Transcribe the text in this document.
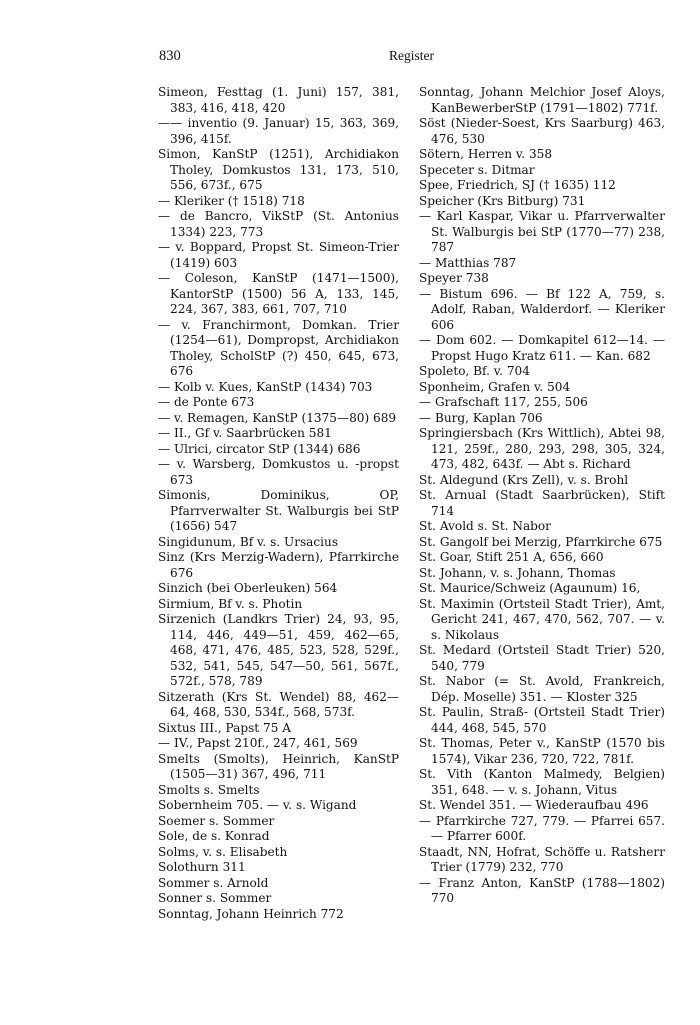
830	Register

Simeon, Festtag (1. Juni) 157, 381, 383, 416, 418, 420

—— inventio (9. Januar) 15, 363, 369, 396, 415f.

Simon, KanStP (1251), Archidiakon Tholey, Domkustos 131, 173, 510, 556, 673f., 675

— Kleriker († 1518) 718

— de Bancro, VikStP (St. Antonius 1334) 223, 773

— v. Boppard, Propst St. Simeon-Trier (1419) 603

— Coleson, KanStP (1471—1500), KantorStP (1500) 56 A, 133, 145, 224, 367, 383, 661, 707, 710

— v. Franchirmont, Domkan. Trier (1254—61), Dompropst, Archidiakon Tholey, ScholStP (?) 450, 645, 673, 676

— Kolb v. Kues, KanStP (1434) 703

— de Ponte 673

— v. Remagen, KanStP (1375—80) 689

— II., Gf v. Saarbrücken 581

— Ulrici, circator StP (1344) 686

— v. Warsberg, Domkustos u. -propst 673

Simonis, Dominikus, OP, Pfarrverwalter St. Walburgis bei StP (1656) 547

Singidunum, Bf v. s. Ursacius

Sinz (Krs Merzig-Wadern), Pfarrkirche 676

Sinzich (bei Oberleuken) 564

Sirmium, Bf v. s. Photin

Sirzenich (Landkrs Trier) 24, 93, 95, 114, 446, 449—51, 459, 462—65, 468, 471, 476, 485, 523, 528, 529f., 532, 541, 545, 547—50, 561, 567f., 572f., 578, 789

Sitzerath (Krs St. Wendel) 88, 462—64, 468, 530, 534f., 568, 573f.

Sixtus III., Papst 75 A

— IV., Papst 210f., 247, 461, 569

Smelts (Smolts), Heinrich, KanStP (1505—31) 367, 496, 711

Smolts s. Smelts

Sobernheim 705. — v. s. Wigand

Soemer s. Sommer

Sole, de s. Konrad

Solms, v. s. Elisabeth

Solothurn 311

Sommer s. Arnold

Sonner s. Sommer

Sonntag, Johann Heinrich 772

Sonntag, Johann Melchior Josef Aloys, KanBewerberStP (1791—1802) 771f.

Söst (Nieder-Soest, Krs Saarburg) 463, 476, 530

Sötern, Herren v. 358

Speceter s. Ditmar

Spee, Friedrich, SJ († 1635) 112

Speicher (Krs Bitburg) 731

— Karl Kaspar, Vikar u. Pfarrverwalter St. Walburgis bei StP (1770—77) 238, 787

— Matthias 787

Speyer 738

— Bistum 696. — Bf 122 A, 759, s. Adolf, Raban, Walderdorf. — Kleriker 606

— Dom 602. — Domkapitel 612—14. — Propst Hugo Kratz 611. — Kan. 682

Spoleto, Bf. v. 704

Sponheim, Grafen v. 504

— Grafschaft 117, 255, 506

— Burg, Kaplan 706

Springiersbach (Krs Wittlich), Abtei 98, 121, 259f., 280, 293, 298, 305, 324, 473, 482, 643f. — Abt s. Richard

St. Aldegund (Krs Zell), v. s. Brohl

St. Arnual (Stadt Saarbrücken), Stift 714

St. Avold s. St. Nabor

St. Gangolf bei Merzig, Pfarrkirche 675

St. Goar, Stift 251 A, 656, 660

St. Johann, v. s. Johann, Thomas

St. Maurice/Schweiz (Agaunum) 16,

St. Maximin (Ortsteil Stadt Trier), Amt, Gericht 241, 467, 470, 562, 707. — v. s. Nikolaus

St. Medard (Ortsteil Stadt Trier) 520, 540, 779

St. Nabor (= St. Avold, Frankreich, Dép. Moselle) 351. — Kloster 325

St. Paulin, Straß- (Ortsteil Stadt Trier) 444, 468, 545, 570

St. Thomas, Peter v., KanStP (1570 bis 1574), Vikar 236, 720, 722, 781f.

St. Vith (Kanton Malmedy, Belgien) 351, 648. — v. s. Johann, Vitus

St. Wendel 351. — Wiederaufbau 496

— Pfarrkirche 727, 779. — Pfarrei 657. — Pfarrer 600f.

Staadt, NN, Hofrat, Schöffe u. Ratsherr Trier (1779) 232, 770

— Franz Anton, KanStP (1788—1802) 770
